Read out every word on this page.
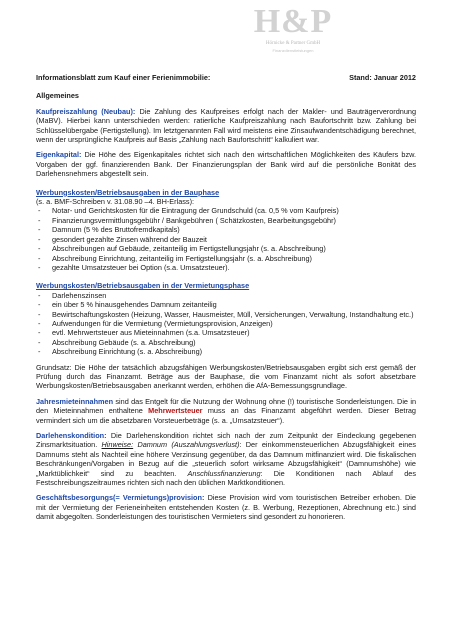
H&P
Hörnicke & Partner GmbH
Finanzdienstleistungen
Informationsblatt zum Kauf einer Ferienimmobilie:	Stand: Januar 2012
Allgemeines

Kaufpreiszahlung (Neubau): Die Zahlung des Kaufpreises erfolgt nach der Makler- und Bauträgerverordnung (MaBV). Hierbei kann unterschieden werden: ratierliche Kaufpreiszahlung nach Baufortschritt bzw. Zahlung bei Schlüsselübergabe (Fertigstellung). Im letztgenannten Fall wird meistens eine Zinsaufwandentschädigung berechnet, wenn der ursprüngliche Kaufpreis auf Basis „Zahlung nach Baufortschritt“ kalkuliert war.

Eigenkapital: Die Höhe des Eigenkapitales richtet sich nach den wirtschaftlichen Möglichkeiten des Käufers bzw. Vorgaben der ggf. finanzierenden Bank. Der Finanzierungsplan der Bank wird auf die persönliche Bonität des Darlehensnehmers abgestellt sein.

Werbungskosten/Betriebsausgaben in der Bauphase
(s. a. BMF-Schreiben v. 31.08.90 –4. BH-Erlass):
- Notar- und Gerichtskosten für die Eintragung der Grundschuld (ca. 0,5 % vom Kaufpreis)
- Finanzierungsvermittlungsgebühr / Bankgebühren ( Schätzkosten, Bearbeitungsgebühr)
- Damnum (5 % des Bruttofremdkapitals)
- gesondert gezahlte Zinsen während der Bauzeit
- Abschreibungen auf Gebäude, zeitanteilig im Fertigstellungsjahr (s. a. Abschreibung)
- Abschreibung Einrichtung, zeitanteilig im Fertigstellungsjahr (s. a. Abschreibung)
- gezahlte Umsatzsteuer bei Option (s.a. Umsatzsteuer).
Werbungskosten/Betriebsausgaben in der Vermietungsphase
- Darlehenszinsen
- ein über 5 % hinausgehendes Damnum zeitanteilig
- Bewirtschaftungskosten (Heizung, Wasser, Hausmeister, Müll, Versicherungen, Verwaltung, Instandhaltung etc.)
- Aufwendungen für die Vermietung (Vermietungsprovision, Anzeigen)
- evtl. Mehrwertsteuer aus Mieteinnahmen (s.a. Umsatzsteuer)
- Abschreibung Gebäude (s. a. Abschreibung)
- Abschreibung Einrichtung (s. a. Abschreibung)

Grundsatz: Die Höhe der tatsächlich abzugsfähigen Werbungskosten/Betriebsausgaben ergibt sich erst gemäß der Prüfung durch das Finanzamt. Beträge aus der Bauphase, die vom Finanzamt nicht als sofort absetzbare Werbungskosten/Betriebsausgaben anerkannt werden, erhöhen die AfA-Bemessungsgrundlage.

Jahresmieteinnahmen sind das Entgelt für die Nutzung der Wohnung ohne (!) touristische Sonderleistungen. Die in den Mieteinnahmen enthaltene Mehrwertsteuer muss an das Finanzamt abgeführt werden. Dieser Betrag vermindert sich um die absetzbaren Vorsteuerbeträge (s. a. „Umsatzsteuer“).

Darlehenskondition: Die Darlehenskondition richtet sich nach der zum Zeitpunkt der Eindeckung gegebenen Zinsmarktsituation. Hinweise: Damnum (Auszahlungsverlust): Der einkommensteuerlichen Abzugsfähigkeit eines Damnums steht als Nachteil eine höhere Verzinsung gegenüber, da das Damnum mitfinanziert wird. Die fiskalischen Beschränkungen/Vorgaben in Bezug auf die „steuerlich sofort wirksame Abzugsfähigkeit“ (Damnumshöhe) wie „Marktüblichkeit“ sind zu beachten. Anschlussfinanzierung: Die Konditionen nach Ablauf des Festschreibungszeitraumes richten sich nach den üblichen Marktkonditionen.

Geschäftsbesorgungs(= Vermietungs)provision: Diese Provision wird vom touristischen Betreiber erhoben. Die mit der Vermietung der Ferieneinheiten entstehenden Kosten (z. B. Werbung, Rezeptionen, Abrechnung etc.) sind damit abgegolten. Sonderleistungen des touristischen Vermieters sind gesondert zu honorieren.
